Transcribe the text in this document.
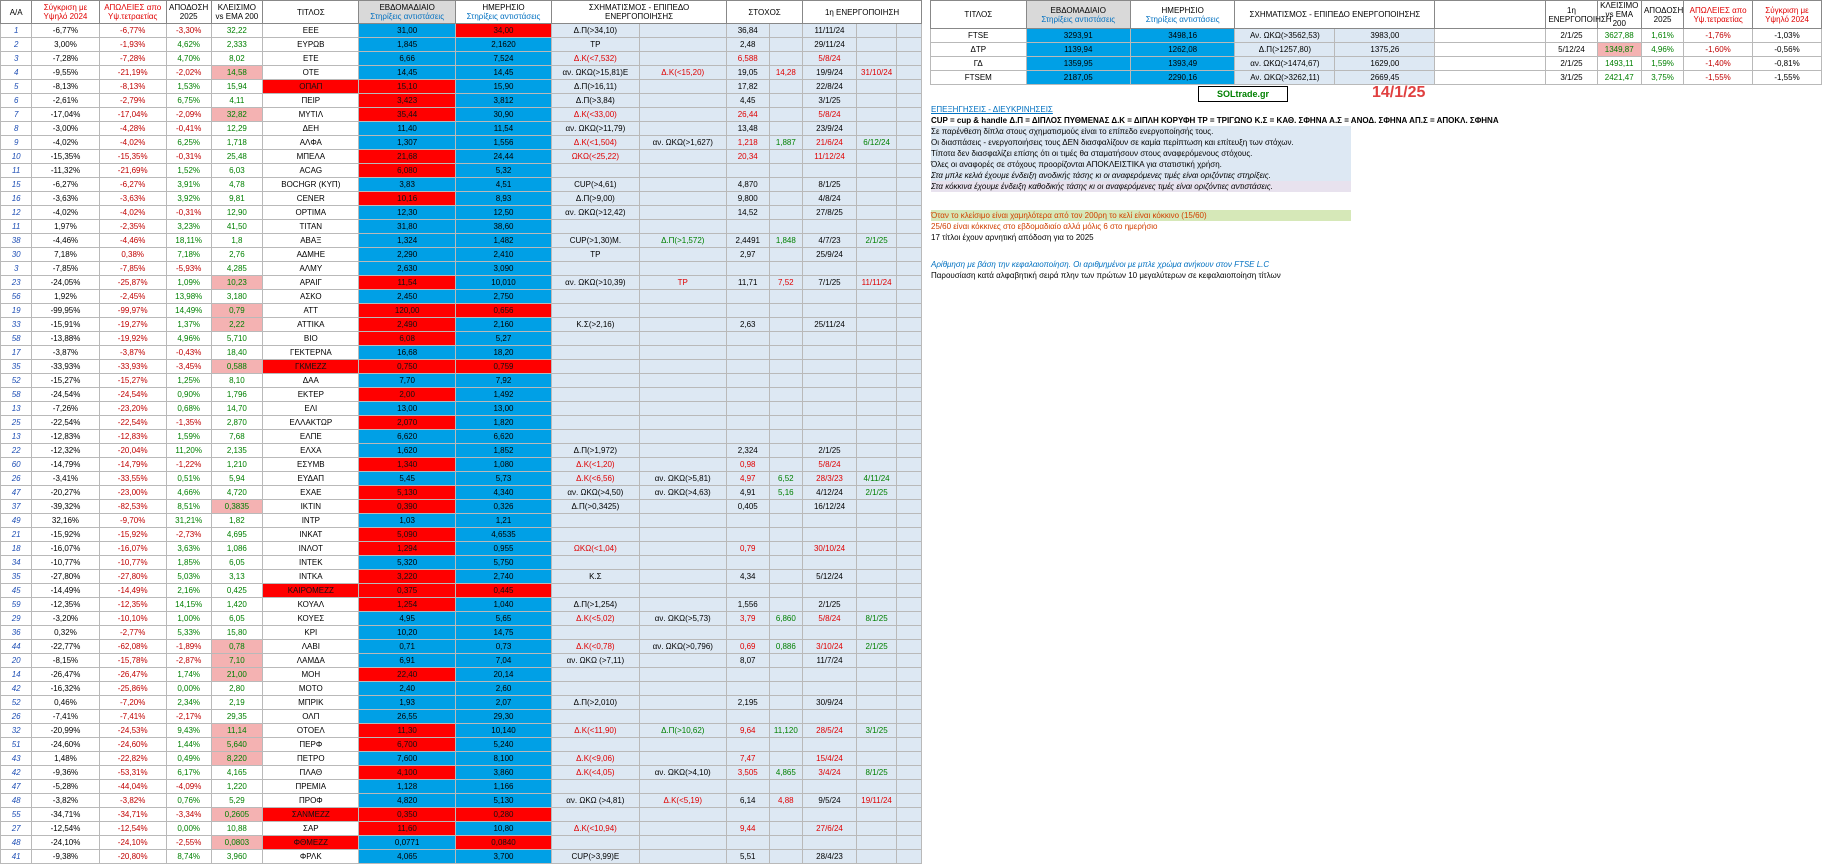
Α/Α	Σύγκριση με Υψηλό 2024	ΑΠΩΛΕΙΕΣ απο Υψ.τετραετίας	ΑΠΟΔΟΣΗ 2025	ΚΛΕΙΣΙΜΟ vs EMA 200	ΤΙΤΛΟΣ	ΕΒΔΟΜΑΔΙΑΙΟ
Στηρίξεις αντιστάσεις	ΗΜΕΡΗΣΙΟ
Στηρίξεις αντιστάσεις	ΣΧΗΜΑΤΙΣΜΟΣ - ΕΠΙΠΕΔΟ ΕΝΕΡΓΟΠΟΙΗΣΗΣ		ΣΤΟΧΟΣ		1η ΕΝΕΡΓΟΠΟΙΗΣΗ		
1	-6,77%	-6,77%	-3,30%	32,22	ΕΕΕ	31,00	34,00	Δ.Π(>34,10)		36,84		11/11/24		
2	3,00%	-1,93%	4,62%	2,333	ΕΥΡΩΒ	1,845	2,1620	TP		2,48		29/11/24		
3	-7,28%	-7,28%	4,70%	8,02	ΕΤΕ	6,66	7,524	Δ.Κ(<7,532)		6,588		5/8/24		
4	-9,55%	-21,19%	-2,02%	14,58	ΟΤΕ	14,45	14,45	αν. ΩΚΩ(>15,81)Ε	Δ.Κ(<15,20)	19,05	14,28	19/9/24	31/10/24	
5	-8,13%	-8,13%	1,53%	15,94	ΟΠΑΠ	15,10	15,90	Δ.Π(>16,11)		17,82		22/8/24		
6	-2,61%	-2,79%	6,75%	4,11	ΠΕΙΡ	3,423	3,812	Δ.Π(>3,84)		4,45		3/1/25		
7	-17,04%	-17,04%	-2,09%	32,82	ΜΥΤΙΛ	35,44	30,90	Δ.Κ(<33,00)		26,44		5/8/24		
8	-3,00%	-4,28%	-0,41%	12,29	ΔΕΗ	11,40	11,54	αν. ΩΚΩ(>11,79)		13,48		23/9/24		
9	-4,02%	-4,02%	6,25%	1,718	ΑΛΦΑ	1,307	1,556	Δ.Κ(<1,504)	αν. ΩΚΩ(>1,627)	1,218	1,887	21/6/24	6/12/24	
10	-15,35%	-15,35%	-0,31%	25,48	ΜΠΕΛΑ	21,68	24,44	ΩΚΩ(<25,22)		20,34		11/12/24		
11	-11,32%	-21,69%	1,52%	6,03	ACAG	6,080	5,32							
15	-6,27%	-6,27%	3,91%	4,78	BOCHGR (ΚΥΠ)	3,83	4,51	CUP(>4,61)		4,870		8/1/25		
16	-3,63%	-3,63%	3,92%	9,81	CENER	10,16	8,93	Δ.Π(>9,00)		9,800		4/8/24		
12	-4,02%	-4,02%	-0,31%	12,90	ΟΡΤΙΜΑ	12,30	12,50	αν. ΩΚΩ(>12,42)		14,52		27/8/25		
11	1,97%	-2,35%	3,23%	41,50	ΤΙΤΑΝ	31,80	38,60							
38	-4,46%	-4,46%	18,11%	1,8	ΑΒΑΞ	1,324	1,482	CUP(>1,30)Μ.	Δ.Π(>1,572)	2,4491	1,848	4/7/23	2/1/25	
30	7,18%	0,38%	7,18%	2,76	ΑΔΜΗΕ	2,290	2,410	TP		2,97		25/9/24		
3	-7,85%	-7,85%	-5,93%	4,285	ΑΛΜΥ	2,630	3,090							
23	-24,05%	-25,87%	1,09%	10,23	ΑΡΑΙΓ	11,54	10,010	αν. ΩΚΩ(>10,39)	TP	11,71	7,52	7/1/25	11/11/24	
56	1,92%	-2,45%	13,98%	3,180	ΑΣΚΟ	2,450	2,750							
19	-99,95%	-99,97%	14,49%	0,79	ΑΤΤ	120,00	0,656							
33	-15,91%	-19,27%	1,37%	2,22	ΑΤΤΙΚΑ	2,490	2,160	Κ.Σ(>2,16)		2,63		25/11/24		
58	-13,88%	-19,92%	4,96%	5,710	ΒΙΟ	6,08	5,27							
17	-3,87%	-3,87%	-0,43%	18,40	ΓΕΚΤΕΡΝΑ	16,68	18,20							
35	-33,93%	-33,93%	-3,45%	0,588	ΓΚΜΕΖΖ	0,750	0,759							
52	-15,27%	-15,27%	1,25%	8,10	ΔΑΑ	7,70	7,92							
58	-24,54%	-24,54%	0,90%	1,796	ΕΚΤΕΡ	2,00	1,492							
13	-7,26%	-23,20%	0,68%	14,70	ΕΛΙ	13,00	13,00							
25	-22,54%	-22,54%	-1,35%	2,870	ΕΛΛΑΚΤΩΡ	2,070	1,820							
13	-12,83%	-12,83%	1,59%	7,68	ΕΛΠΕ	6,620	6,620							
22	-12,32%	-20,04%	11,20%	2,135	ΕΛΧΑ	1,620	1,852	Δ.Π(>1,972)		2,324		2/1/25		
60	-14,79%	-14,79%	-1,22%	1,210	ΕΣΥΜΒ	1,340	1,080	Δ.Κ(<1,20)		0,98		5/8/24		
26	-3,41%	-33,55%	0,51%	5,94	ΕΥΔΑΠ	5,45	5,73	Δ.Κ(<6,56)	αν. ΩΚΩ(>5,81)	4,97	6,52	28/3/23	4/11/24	
47	-20,27%	-23,00%	4,66%	4,720	ΕΧΑΕ	5,130	4,340	αν. ΩΚΩ(>4,50)	αν. ΩΚΩ(>4,63)	4,91	5,16	4/12/24	2/1/25	
37	-39,32%	-82,53%	8,51%	0,3835	ΙΚΤΙΝ	0,390	0,326	Δ.Π(>0,3425)		0,405		16/12/24		
49	32,16%	-9,70%	31,21%	1,82	ΙΝΤΡ	1,03	1,21							
21	-15,92%	-15,92%	-2,73%	4,695	ΙΝΚΑΤ	5,090	4,6535							
18	-16,07%	-16,07%	3,63%	1,086	ΙΝΛΟΤ	1,294	0,955	ΩΚΩ(<1,04)		0,79		30/10/24		
34	-10,77%	-10,77%	1,85%	6,05	ΙΝΤΕΚ	5,320	5,750							
35	-27,80%	-27,80%	5,03%	3,13	ΙΝΤΚΑ	3,220	2,740	Κ.Σ		4,34		5/12/24		
45	-14,49%	-14,49%	2,16%	0,425	ΚΑΙΡΟΜΕΖΖ	0,375	0,445							
59	-12,35%	-12,35%	14,15%	1,420	ΚΟΥΑΛ	1,254	1,040	Δ.Π(>1,254)		1,556		2/1/25		
29	-3,20%	-10,10%	1,00%	6,05	ΚΟΥΕΣ	4,95	5,65	Δ.Κ(<5,02)	αν. ΩΚΩ(>5,73)	3,79	6,860	5/8/24	8/1/25	
36	0,32%	-2,77%	5,33%	15,80	ΚΡΙ	10,20	14,75							
44	-22,77%	-62,08%	-1,89%	0,78	ΛΑΒΙ	0,71	0,73	Δ.Κ(<0,78)	αν. ΩΚΩ(>0,796)	0,69	0,886	3/10/24	2/1/25	
20	-8,15%	-15,78%	-2,87%	7,10	ΛΑΜΔΑ	6,91	7,04	αν. ΩΚΩ (>7,11)		8,07		11/7/24		
14	-26,47%	-26,47%	1,74%	21,00	ΜΟΗ	22,40	20,14							
42	-16,32%	-25,86%	0,00%	2,80	ΜΟΤΟ	2,40	2,60							
52	0,46%	-7,20%	2,34%	2,19	ΜΠΡΙΚ	1,93	2,07	Δ.Π(>2,010)		2,195		30/9/24		
26	-7,41%	-7,41%	-2,17%	29,35	ΟΛΠ	26,55	29,30							
32	-20,99%	-24,53%	9,43%	11,14	ΟΤΟΕΛ	11,30	10,140	Δ.Κ(<11,90)	Δ.Π(>10,62)	9,64	11,120	28/5/24	3/1/25	
51	-24,60%	-24,60%	1,44%	5,640	ΠΕΡΦ	6,700	5,240							
43	1,48%	-22,82%	0,49%	8,220	ΠΕΤΡΟ	7,600	8,100	Δ.Κ(<9,06)		7,47		15/4/24		
42	-9,36%	-53,31%	6,17%	4,165	ΠΛΑΘ	4,100	3,860	Δ.Κ(<4,05)	αν. ΩΚΩ(>4,10)	3,505	4,865	3/4/24	8/1/25	
47	-5,28%	-44,04%	-4,09%	1,220	ΠΡΕΜΙΑ	1,128	1,166							
48	-3,82%	-3,82%	0,76%	5,29	ΠΡΟΦ	4,820	5,130	αν. ΩΚΩ (>4,81)	Δ.Κ(<5,19)	6,14	4,88	9/5/24	19/11/24	
55	-34,71%	-34,71%	-3,34%	0,2605	ΣΑΝΜΕΖΖ	0,350	0,280							
27	-12,54%	-12,54%	0,00%	10,88	ΣΑΡ	11,60	10,80	Δ.Κ(<10,94)		9,44		27/6/24		
48	-24,10%	-24,10%	-2,55%	0,0803	ΦΘΜΕΖΖ	0,0771	0,0840							
41	-9,38%	-20,80%	8,74%	3,960	ΦΡΛΚ	4,065	3,700	CUP(>3,99)Ε		5,51		28/4/23		
ΤΙΤΛΟΣ	ΕΒΔΟΜΑΔΙΑΙΟ
Στηρίξεις αντιστάσεις	ΗΜΕΡΗΣΙΟ
Στηρίξεις αντιστάσεις	ΣΧΗΜΑΤΙΣΜΟΣ - ΕΠΙΠΕΔΟ ΕΝΕΡΓΟΠΟΙΗΣΗΣ			1η ΕΝΕΡΓΟΠΟΙΗΣΗ	ΚΛΕΙΣΙΜΟ vs EMA 200	ΑΠΟΔΟΣΗ 2025	ΑΠΩΛΕΙΕΣ απο Υψ.τετραετίας	Σύγκριση με Υψηλό 2024
FTSE	3293,91	3498,16	Αν. ΩΚΩ(>3562,53)	3983,00		2/1/25	3627,88	1,61%	-1,76%	-1,03%
ΔTP	1139,94	1262,08	Δ.Π(>1257,80)	1375,26		5/12/24	1349,87	4,96%	-1,60%	-0,56%
ΓΔ	1359,95	1393,49	αν. ΩΚΩ(>1474,67)	1629,00		2/1/25	1493,11	1,59%	-1,40%	-0,81%
FTSEM	2187,05	2290,16	Αν. ΩΚΩ(>3262,11)	2669,45		3/1/25	2421,47	3,75%	-1,55%	-1,55%
SOLtrade.gr	14/1/25
ΕΠΕΞΗΓΗΣΕΙΣ - ΔΙΕΥΚΡΙΝΗΣΕΙΣ
CUP = cup & handle Δ.Π = ΔΙΠΛΟΣ ΠΥΘΜΕΝΑΣ Δ.Κ = ΔΙΠΛΗ ΚΟΡΥΦΗ TP = ΤΡΙΓΩΝΟ Κ.Σ = ΚΑΘ. ΣΦΗΝΑ Α.Σ = ΑΝΟΔ. ΣΦΗΝΑ ΑΠ.Σ = ΑΠΟΚΛ. ΣΦΗΝΑ
Σε παρένθεση δίπλα στους σχηματισμούς είναι το επίπεδο ενεργοποίησής τους.
Οι διασπάσεις - ενεργοποιήσεις τους ΔΕΝ διασφαλίζουν σε καμία περίπτωση και επίτευξη των στόχων.
Τίποτα δεν διασφαλίζει επίσης ότι οι τιμές θα σταματήσουν στους αναφερόμενους στόχους.
Όλες οι αναφορές σε στόχους προορίζονται ΑΠΟΚΛΕΙΣΤΙΚΑ για στατιστική χρήση.
Στα μπλε κελιά έχουμε ένδειξη ανοδικής τάσης κι οι αναφερόμενες τιμές είναι οριζόντιες στηρίξεις.
Στα κόκκινα έχουμε ένδειξη καθοδικής τάσης κι οι αναφερόμενες τιμές είναι οριζόντιες αντιστάσεις.
Όταν το κλείσιμο είναι χαμηλότερα από τον 200ρη το κελί είναι κόκκινο (15/60)
25/60 είναι κόκκινες στο εβδομαδιαίο αλλά μόλις 6 στο ημερήσιο
17 τίτλοι έχουν αρνητική απόδοση για το 2025
Αρίθμηση με βάση την κεφαλαιοποίηση. Οι αριθμημένοι με μπλε χρώμα ανήκουν στον FTSE L.C
Παρουσίαση κατά αλφαβητική σειρά πλην των πρώτων 10 μεγαλύτερων σε κεφαλαιοποίηση τίτλων
